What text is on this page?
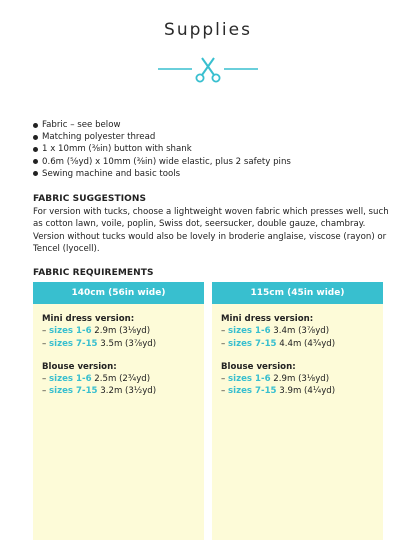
Supplies
Fabric – see below
Matching polyester thread
1 x 10mm (⅜in) button with shank
0.6m (⅝yd) x 10mm (⅜in) wide elastic, plus 2 safety pins
Sewing machine and basic tools
FABRIC SUGGESTIONS
For version with tucks, choose a lightweight woven fabric which presses well, such as cotton lawn, voile, poplin, Swiss dot, seersucker, double gauze, chambray. Version without tucks would also be lovely in broderie anglaise, viscose (rayon) or Tencel (lyocell).
FABRIC REQUIREMENTS
140cm (56in wide)
Mini dress version:
– sizes 1-6 2.9m (3⅛yd)
– sizes 7-15 3.5m (3⅞yd)
Blouse version:
– sizes 1-6 2.5m (2¾yd)
– sizes 7-15 3.2m (3½yd)
115cm (45in wide)
Mini dress version:
– sizes 1-6 3.4m (3⅞yd)
– sizes 7-15 4.4m (4¾yd)
Blouse version:
– sizes 1-6 2.9m (3⅛yd)
– sizes 7-15 3.9m (4¼yd)
